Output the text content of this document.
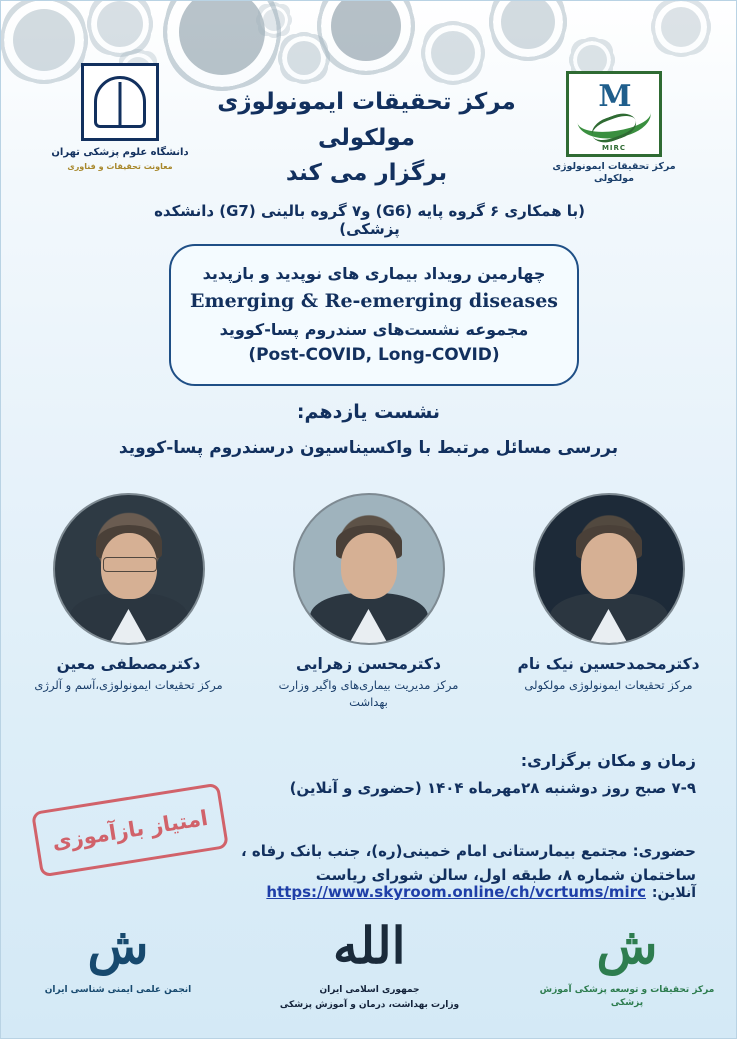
دانشگاه علوم پزشکی تهران
معاونت تحقیقات و فناوری
مرکز تحقیقات ایمونولوژی مولکولی
برگزار می کند
M
MIRC
مرکز تحقیقات ایمونولوژی مولکولی
(با همکاری ۶ گروه پایه (G6) و۷ گروه بالینی (G7) دانشکده پزشکی)
چهارمین رویداد بیماری های نوپدید و بازپدید
Emerging & Re-emerging diseases
مجموعه نشست‌های سندروم پسا-کووید
(Post-COVID, Long-COVID)
نشست یازدهم:
بررسی مسائل مرتبط با واکسیناسیون درسندروم پسا-کووید
دکترمحمدحسین نیک نام
مرکز تحقیعات ایمونولوژی مولکولی
دکترمحسن زهرایی
مرکز مدیریت بیماری‌های واگیر وزارت بهداشت
دکترمصطفی معین
مرکز تحقیعات ایمونولوژی،آسم و آلرژی
زمان و مکان برگزاری:
۷-۹ صبح روز دوشنبه ۲۸مهرماه ۱۴۰۴ (حضوری و آنلاین)
حضوری: مجتمع بیمارستانی امام خمینی(ره)، جنب بانک رفاه ،
ساختمان شماره ۸، طبقه اول، سالن شورای ریاست
آنلاین:
https://www.skyroom.online/ch/vcrtums/mirc
امتیاز بازآموزی
ش
مرکز تحقیقات و توسعه پزشکی آموزش پزشکی
الله
جمهوری اسلامی ایران
وزارت بهداشت، درمان و آموزش پزشکی
ش
انجمن علمی ایمنی شناسی ایران
